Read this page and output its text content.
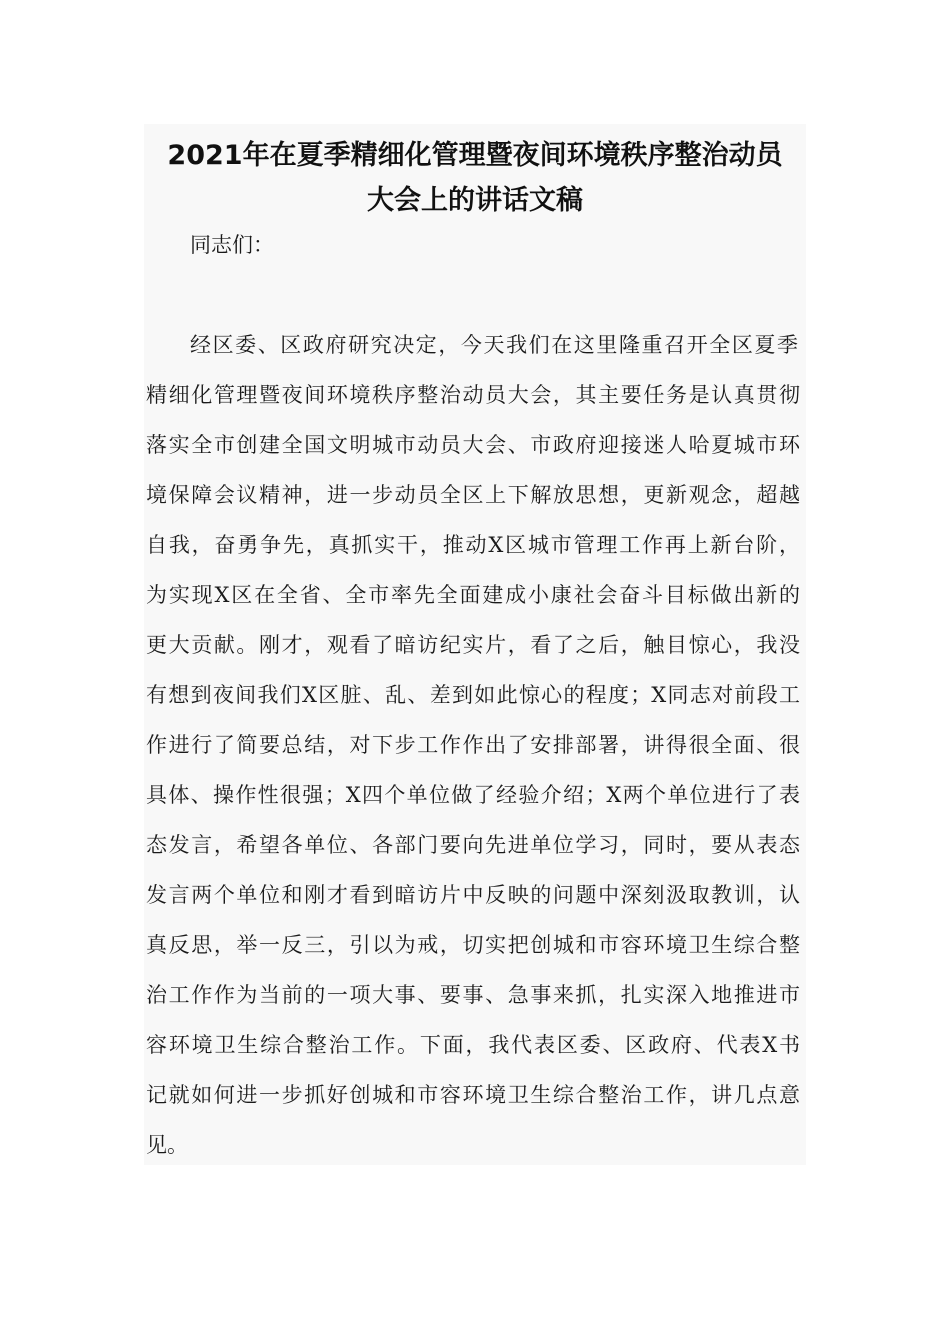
2021年在夏季精细化管理暨夜间环境秩序整治动员
大会上的讲话文稿

同志们：

经区委、区政府研究决定，今天我们在这里隆重召开全区夏季

精细化管理暨夜间环境秩序整治动员大会，其主要任务是认真贯彻

落实全市创建全国文明城市动员大会、市政府迎接迷人哈夏城市环

境保障会议精神，进一步动员全区上下解放思想，更新观念，超越

自我，奋勇争先，真抓实干，推动X区城市管理工作再上新台阶，

为实现X区在全省、全市率先全面建成小康社会奋斗目标做出新的

更大贡献。刚才，观看了暗访纪实片，看了之后，触目惊心，我没

有想到夜间我们X区脏、乱、差到如此惊心的程度；X同志对前段工

作进行了简要总结，对下步工作作出了安排部署，讲得很全面、很

具体、操作性很强；X四个单位做了经验介绍；X两个单位进行了表

态发言，希望各单位、各部门要向先进单位学习，同时，要从表态

发言两个单位和刚才看到暗访片中反映的问题中深刻汲取教训，认

真反思，举一反三，引以为戒，切实把创城和市容环境卫生综合整

治工作作为当前的一项大事、要事、急事来抓，扎实深入地推进市

容环境卫生综合整治工作。下面，我代表区委、区政府、代表X书

记就如何进一步抓好创城和市容环境卫生综合整治工作，讲几点意

见。
